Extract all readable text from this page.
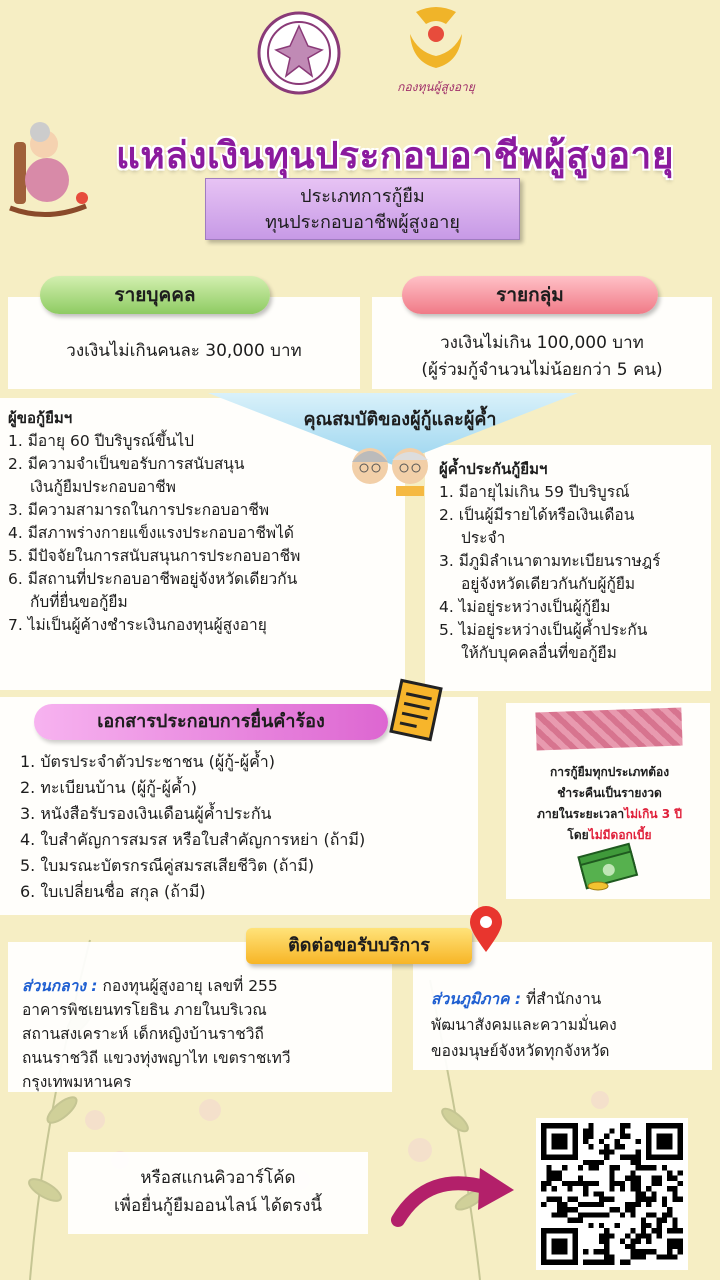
กองทุนผู้สูงอายุ
แหล่งเงินทุนประกอบอาชีพผู้สูงอายุ
ประเภทการกู้ยืม
ทุนประกอบอาชีพผู้สูงอายุ
วงเงินไม่เกินคนละ 30,000 บาท	วงเงินไม่เกิน 100,000 บาท
(ผู้ร่วมกู้จำนวนไม่น้อยกว่า 5 คน)
รายบุคคล	รายกลุ่ม
ผู้ขอกู้ยืมฯ
1. มีอายุ 60 ปีบริบูรณ์ขึ้นไป
2. มีความจำเป็นขอรับการสนับสนุน
เงินกู้ยืมประกอบอาชีพ
3. มีความสามารถในการประกอบอาชีพ
4. มีสภาพร่างกายแข็งแรงประกอบอาชีพได้
5. มีปัจจัยในการสนับสนุนการประกอบอาชีพ
6. มีสถานที่ประกอบอาชีพอยู่จังหวัดเดียวกัน
กับที่ยื่นขอกู้ยืม
7. ไม่เป็นผู้ค้างชำระเงินกองทุนผู้สูงอายุ
ผู้ค้ำประกันกู้ยืมฯ
1. มีอายุไม่เกิน 59 ปีบริบูรณ์
2. เป็นผู้มีรายได้หรือเงินเดือน
ประจำ
3. มีภูมิลำเนาตามทะเบียนราษฎร์
อยู่จังหวัดเดียวกันกับผู้กู้ยืม
4. ไม่อยู่ระหว่างเป็นผู้กู้ยืม
5. ไม่อยู่ระหว่างเป็นผู้ค้ำประกัน
ให้กับบุคคลอื่นที่ขอกู้ยืม
คุณสมบัติของผู้กู้และผู้ค้ำ
1. บัตรประจำตัวประชาชน (ผู้กู้-ผู้ค้ำ)
2. ทะเบียนบ้าน (ผู้กู้-ผู้ค้ำ)
3. หนังสือรับรองเงินเดือนผู้ค้ำประกัน
4. ใบสำคัญการสมรส หรือใบสำคัญการหย่า (ถ้ามี)
5. ใบมรณะบัตรกรณีคู่สมรสเสียชีวิต (ถ้ามี)
6. ใบเปลี่ยนชื่อ สกุล (ถ้ามี)
เอกสารประกอบการยื่นคำร้อง
การกู้ยืมทุกประเภทต้อง
ชำระคืนเป็นรายงวด
ภายในระยะเวลาไม่เกิน 3 ปี
โดยไม่มีดอกเบี้ย
ส่วนกลาง : กองทุนผู้สูงอายุ เลขที่ 255
อาคารพิชเยนทรโยธิน ภายในบริเวณ
สถานสงเคราะห์ เด็กหญิงบ้านราชวิถี
ถนนราชวิถี แขวงทุ่งพญาไท เขตราชเทวี
กรุงเทพมหานคร
ส่วนภูมิภาค : ที่สำนักงาน
พัฒนาสังคมและความมั่นคง
ของมนุษย์จังหวัดทุกจังหวัด
ติดต่อขอรับบริการ
หรือสแกนคิวอาร์โค้ด
เพื่อยื่นกู้ยืมออนไลน์ ได้ตรงนี้
